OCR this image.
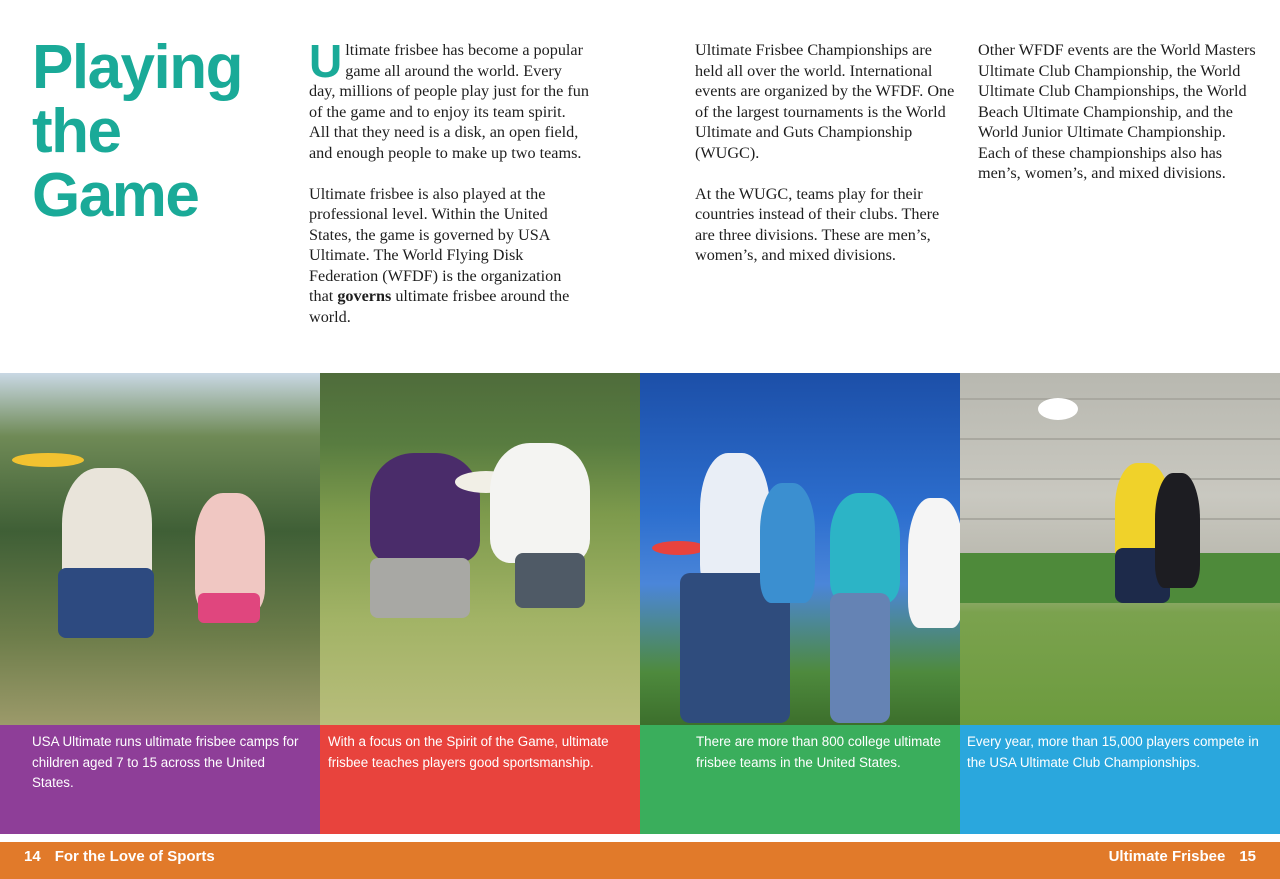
Playing
the Game

Ultimate frisbee has become a popular game all around the world. Every day, millions of people play just for the fun of the game and to enjoy its team spirit. All that they need is a disk, an open field, and enough people to make up two teams.

Ultimate frisbee is also played at the professional level. Within the United States, the game is governed by USA Ultimate. The World Flying Disk Federation (WFDF) is the organization that governs ultimate frisbee around the world.

Ultimate Frisbee Championships are held all over the world. International events are organized by the WFDF. One of the largest tournaments is the World Ultimate and Guts Championship (WUGC).

At the WUGC, teams play for their countries instead of their clubs. There are three divisions. These are men’s, women’s, and mixed divisions.

Other WFDF events are the World Masters Ultimate Club Championship, the World Ultimate Club Championships, the World Beach Ultimate Championship, and the World Junior Ultimate Championship. Each of these championships also has men’s, women’s, and mixed divisions.

USA Ultimate runs ultimate frisbee camps for children aged 7 to 15 across the United States.
With a focus on the Spirit of the Game, ultimate frisbee teaches players good sportsmanship.
There are more than 800 college ultimate frisbee teams in the United States.
Every year, more than 15,000 players compete in the USA Ultimate Club Championships.
14 For the Love of Sports	Ultimate Frisbee 15
